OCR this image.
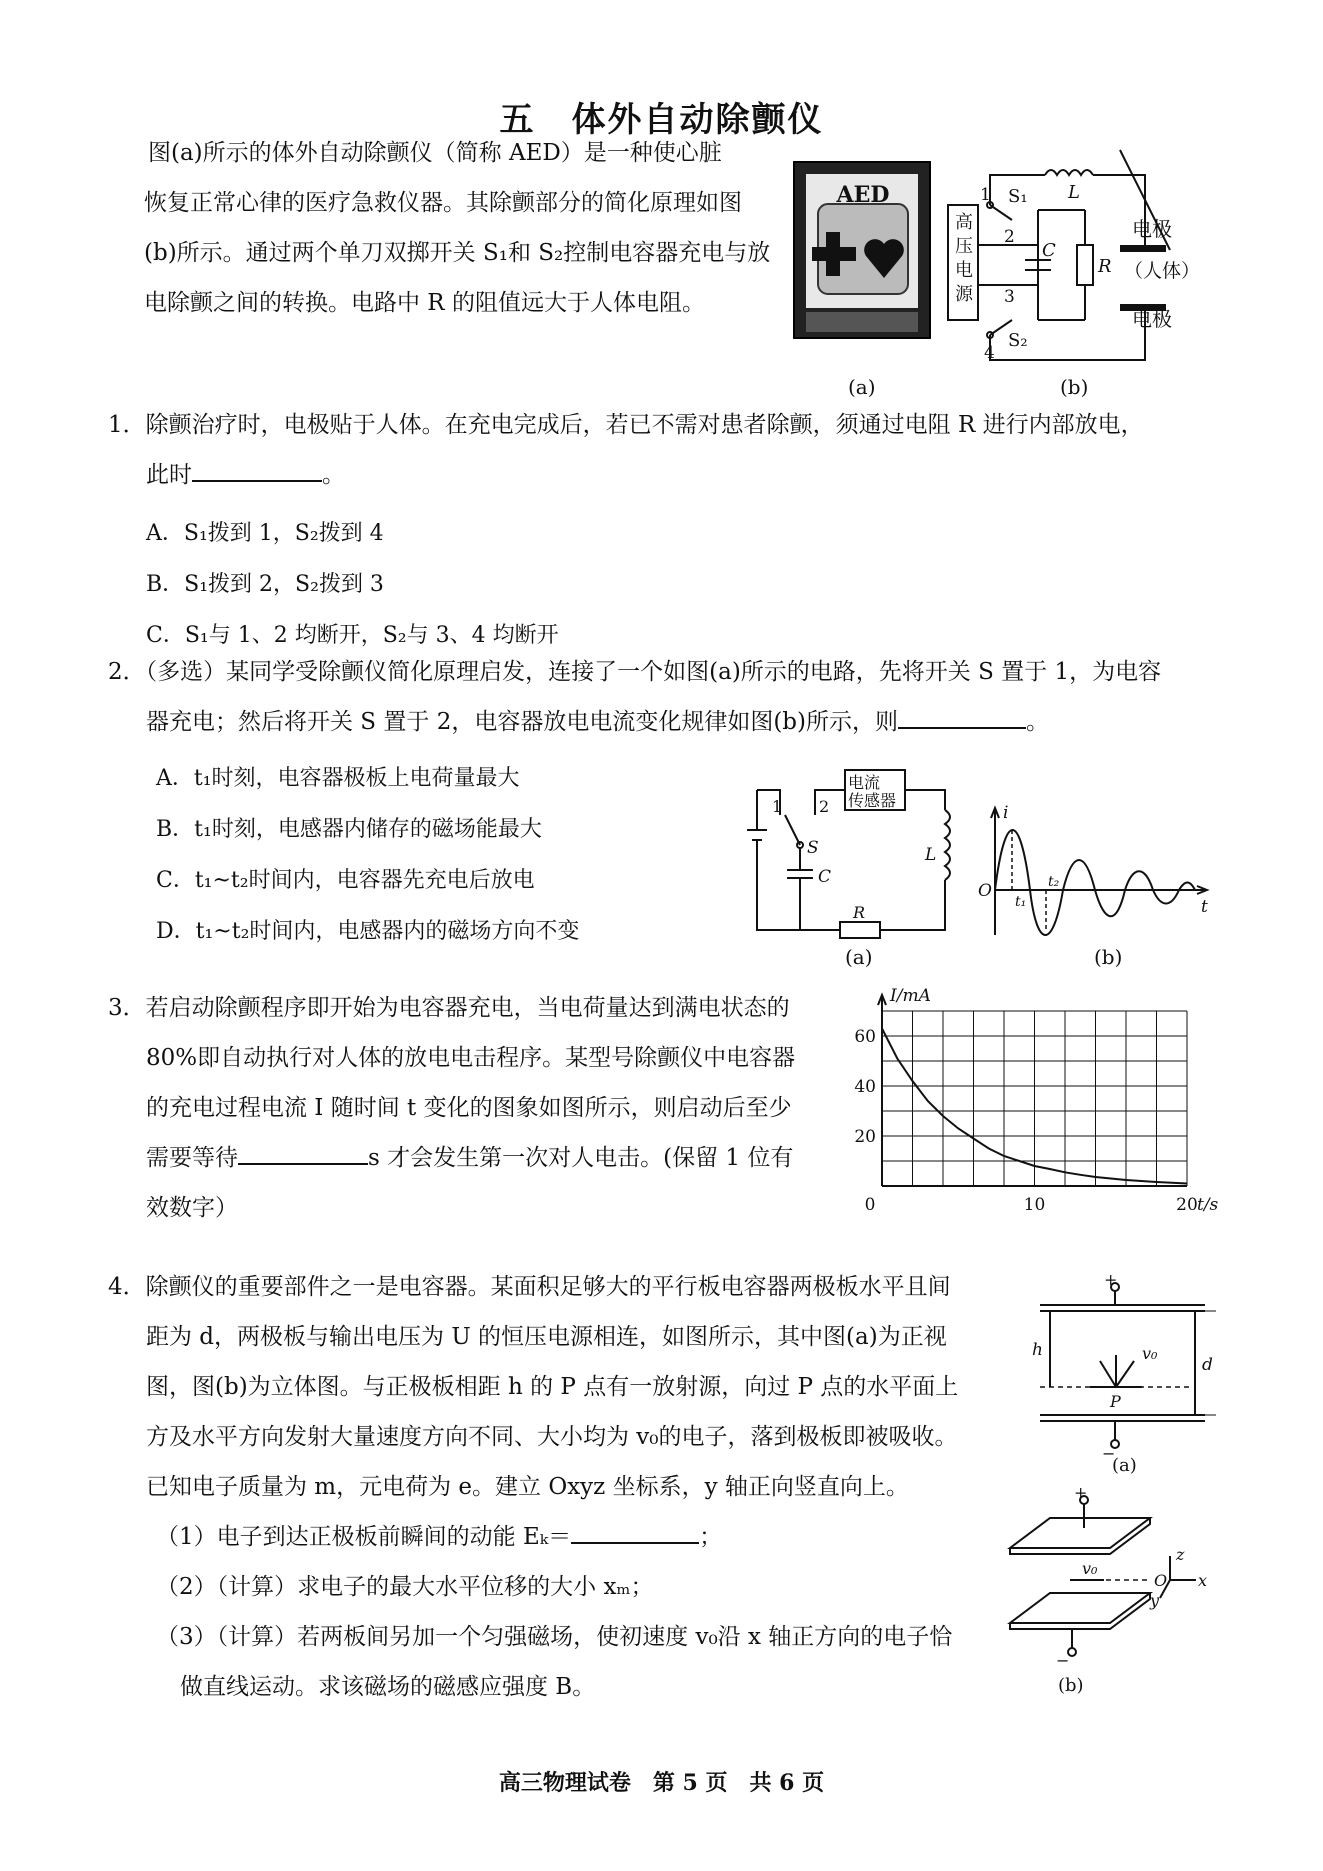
五　体外自动除颤仪
图(a)所示的体外自动除颤仪（简称 AED）是一种使心脏
恢复正常心律的医疗急救仪器。其除颤部分的简化原理如图
(b)所示。通过两个单刀双掷开关 S₁和 S₂控制电容器充电与放
电除颤之间的转换。电路中 R 的阻值远大于人体电阻。
AED
(a)
高
压
电
源
L
1 S₁
2
3
4
S₂
C
R
电极
（人体）
电极
(b)
1．除颤治疗时，电极贴于人体。在充电完成后，若已不需对患者除颤，须通过电阻 R 进行内部放电，
此时	。
A．S₁拨到 1，S₂拨到 4
B．S₁拨到 2，S₂拨到 3
C．S₁与 1、2 均断开，S₂与 3、4 均断开
2．（多选）某同学受除颤仪简化原理启发，连接了一个如图(a)所示的电路，先将开关 S 置于 1，为电容
器充电；然后将开关 S 置于 2，电容器放电电流变化规律如图(b)所示，则	。
A．t₁时刻，电容器极板上电荷量最大
B．t₁时刻，电感器内储存的磁场能最大
C．t₁~t₂时间内，电容器先充电后放电
D．t₁~t₂时间内，电感器内的磁场方向不变
电流
传感器
1 2
S
C
L
R
(a)
i
t
O
t₁
t₂
(b)
3．若启动除颤程序即开始为电容器充电，当电荷量达到满电状态的
80%即自动执行对人体的放电电击程序。某型号除颤仪中电容器
的充电过程电流 I 随时间 t 变化的图象如图所示，则启动后至少
需要等待	s 才会发生第一次对人电击。(保留 1 位有
效数字）
20
40
60
0	10	20
I/mA
t/s
4．除颤仪的重要部件之一是电容器。某面积足够大的平行板电容器两极板水平且间
距为 d，两极板与输出电压为 U 的恒压电源相连，如图所示，其中图(a)为正视
图，图(b)为立体图。与正极板相距 h 的 P 点有一放射源，向过 P 点的水平面上
方及水平方向发射大量速度方向不同、大小均为 v₀的电子，落到极板即被吸收。
已知电子质量为 m，元电荷为 e。建立 Oxyz 坐标系，y 轴正向竖直向上。
（1）电子到达正极板前瞬间的动能 Eₖ＝	；
（2）（计算）求电子的最大水平位移的大小 xₘ；
（3）（计算）若两板间另加一个匀强磁场，使初速度 v₀沿 x 轴正方向的电子恰
做直线运动。求该磁场的磁感应强度 B。
+
−
h
d
v₀
P
(a)
+
−
v₀
O
z
x
y
(b)
高三物理试卷　第 5 页　共 6 页
